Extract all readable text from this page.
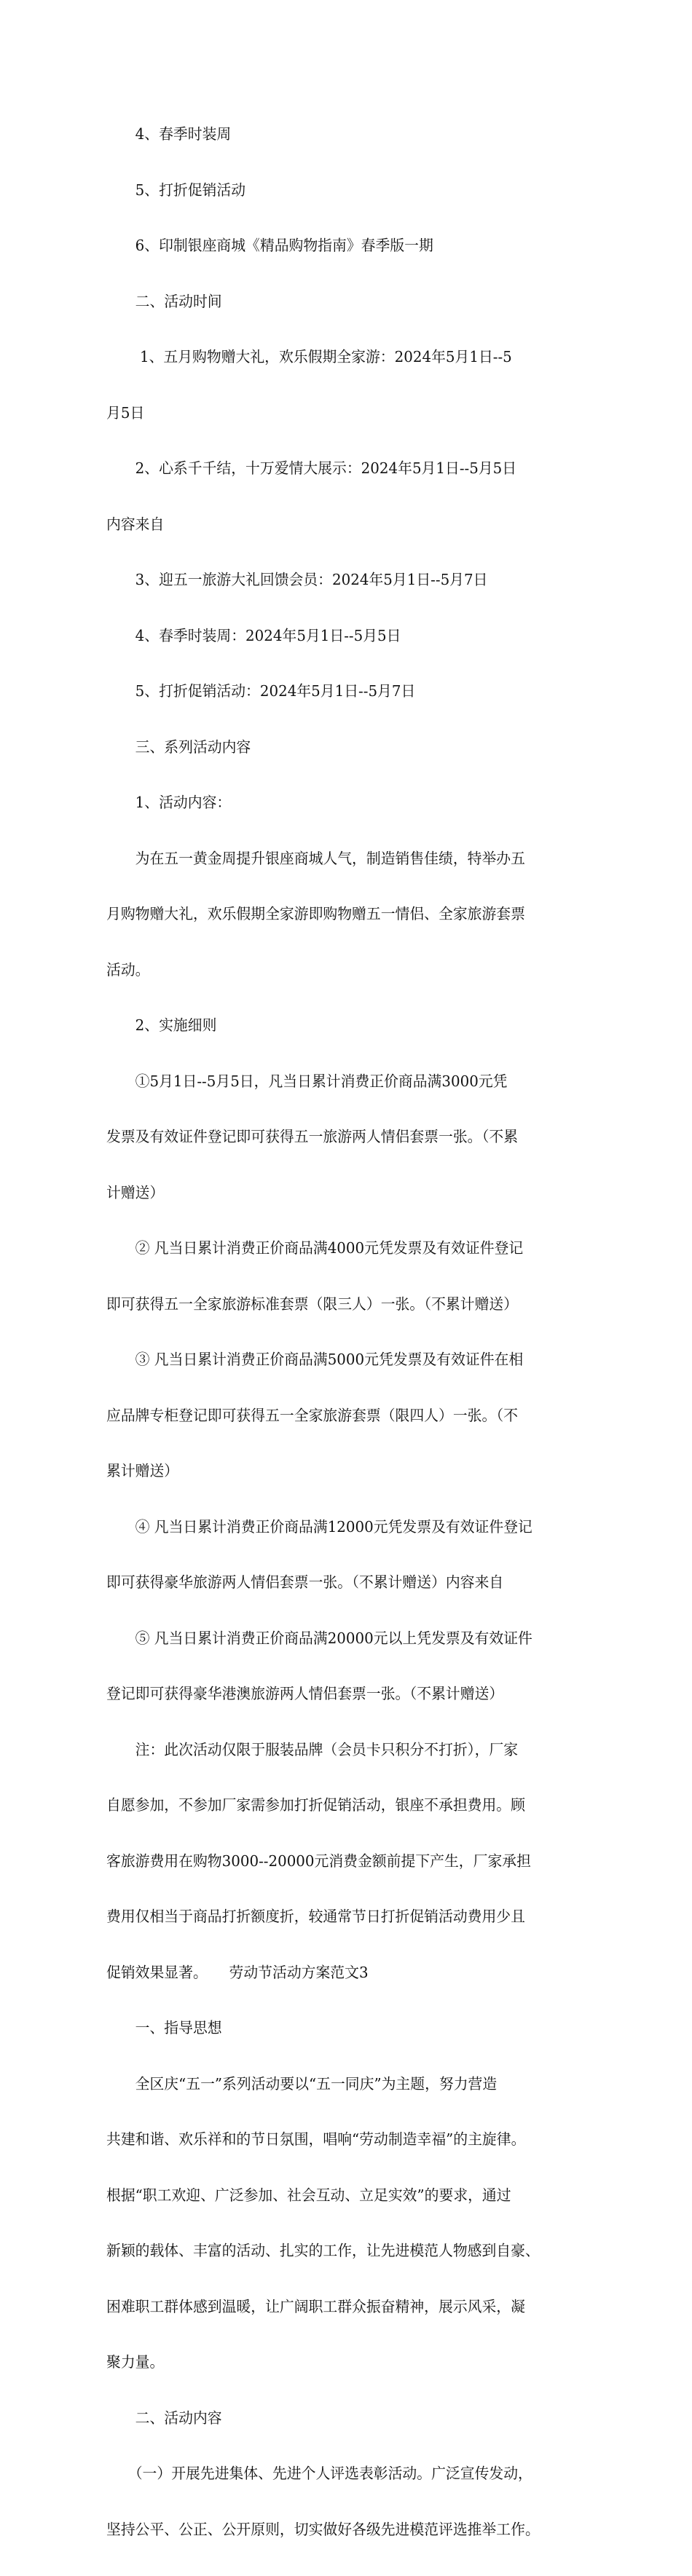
　　4、春季时装周

　　5、打折促销活动

　　6、印制银座商城《精品购物指南》春季版一期

　　二、活动时间

　　 1、五月购物赠大礼，欢乐假期全家游：2024年5月1日--5

月5日

　　2、心系千千结，十万爱情大展示：2024年5月1日--5月5日

内容来自

　　3、迎五一旅游大礼回馈会员：2024年5月1日--5月7日

　　4、春季时装周：2024年5月1日--5月5日

　　5、打折促销活动：2024年5月1日--5月7日

　　三、系列活动内容

　　1、活动内容：

　　为在五一黄金周提升银座商城人气，制造销售佳绩，特举办五

月购物赠大礼，欢乐假期全家游即购物赠五一情侣、全家旅游套票

活动。

　　2、实施细则

　　①5月1日--5月5日，凡当日累计消费正价商品满3000元凭

发票及有效证件登记即可获得五一旅游两人情侣套票一张。（不累

计赠送）

　　② 凡当日累计消费正价商品满4000元凭发票及有效证件登记

即可获得五一全家旅游标准套票（限三人）一张。（不累计赠送）

　　③ 凡当日累计消费正价商品满5000元凭发票及有效证件在相

应品牌专柜登记即可获得五一全家旅游套票（限四人）一张。（不

累计赠送）

　　④ 凡当日累计消费正价商品满12000元凭发票及有效证件登记

即可获得豪华旅游两人情侣套票一张。（不累计赠送）内容来自

　　⑤ 凡当日累计消费正价商品满20000元以上凭发票及有效证件

登记即可获得豪华港澳旅游两人情侣套票一张。（不累计赠送）

　　注：此次活动仅限于服装品牌（会员卡只积分不打折），厂家

自愿参加，不参加厂家需参加打折促销活动，银座不承担费用。顾

客旅游费用在购物3000--20000元消费金额前提下产生，厂家承担

费用仅相当于商品打折额度折，较通常节日打折促销活动费用少且

促销效果显著。　　劳动节活动方案范文3

　　一、指导思想

　　全区庆“五一”系列活动要以“五一同庆”为主题，努力营造

共建和谐、欢乐祥和的节日氛围，唱响“劳动制造幸福”的主旋律。

根据“职工欢迎、广泛参加、社会互动、立足实效”的要求，通过

新颖的载体、丰富的活动、扎实的工作，让先进模范人物感到自豪、

困难职工群体感到温暖，让广阔职工群众振奋精神，展示风采，凝

聚力量。

　　二、活动内容

　　（一）开展先进集体、先进个人评选表彰活动。广泛宣传发动，

坚持公平、公正、公开原则，切实做好各级先进模范评选推举工作。
